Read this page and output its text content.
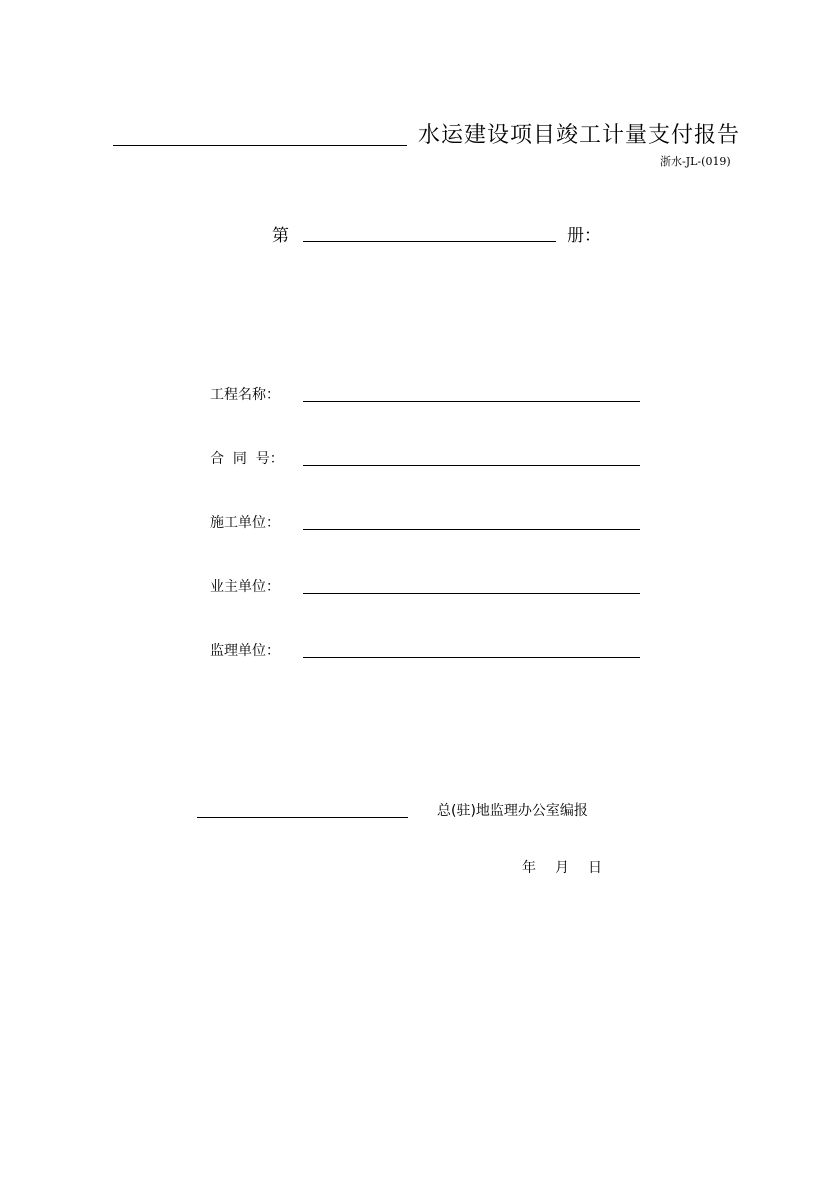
水运建设项目竣工计量支付报告
浙水-JL-(019)
第	册：
工程名称：
合  同  号：
施工单位：
业主单位：
监理单位：
总(驻)地监理办公室编报
年 月 日
